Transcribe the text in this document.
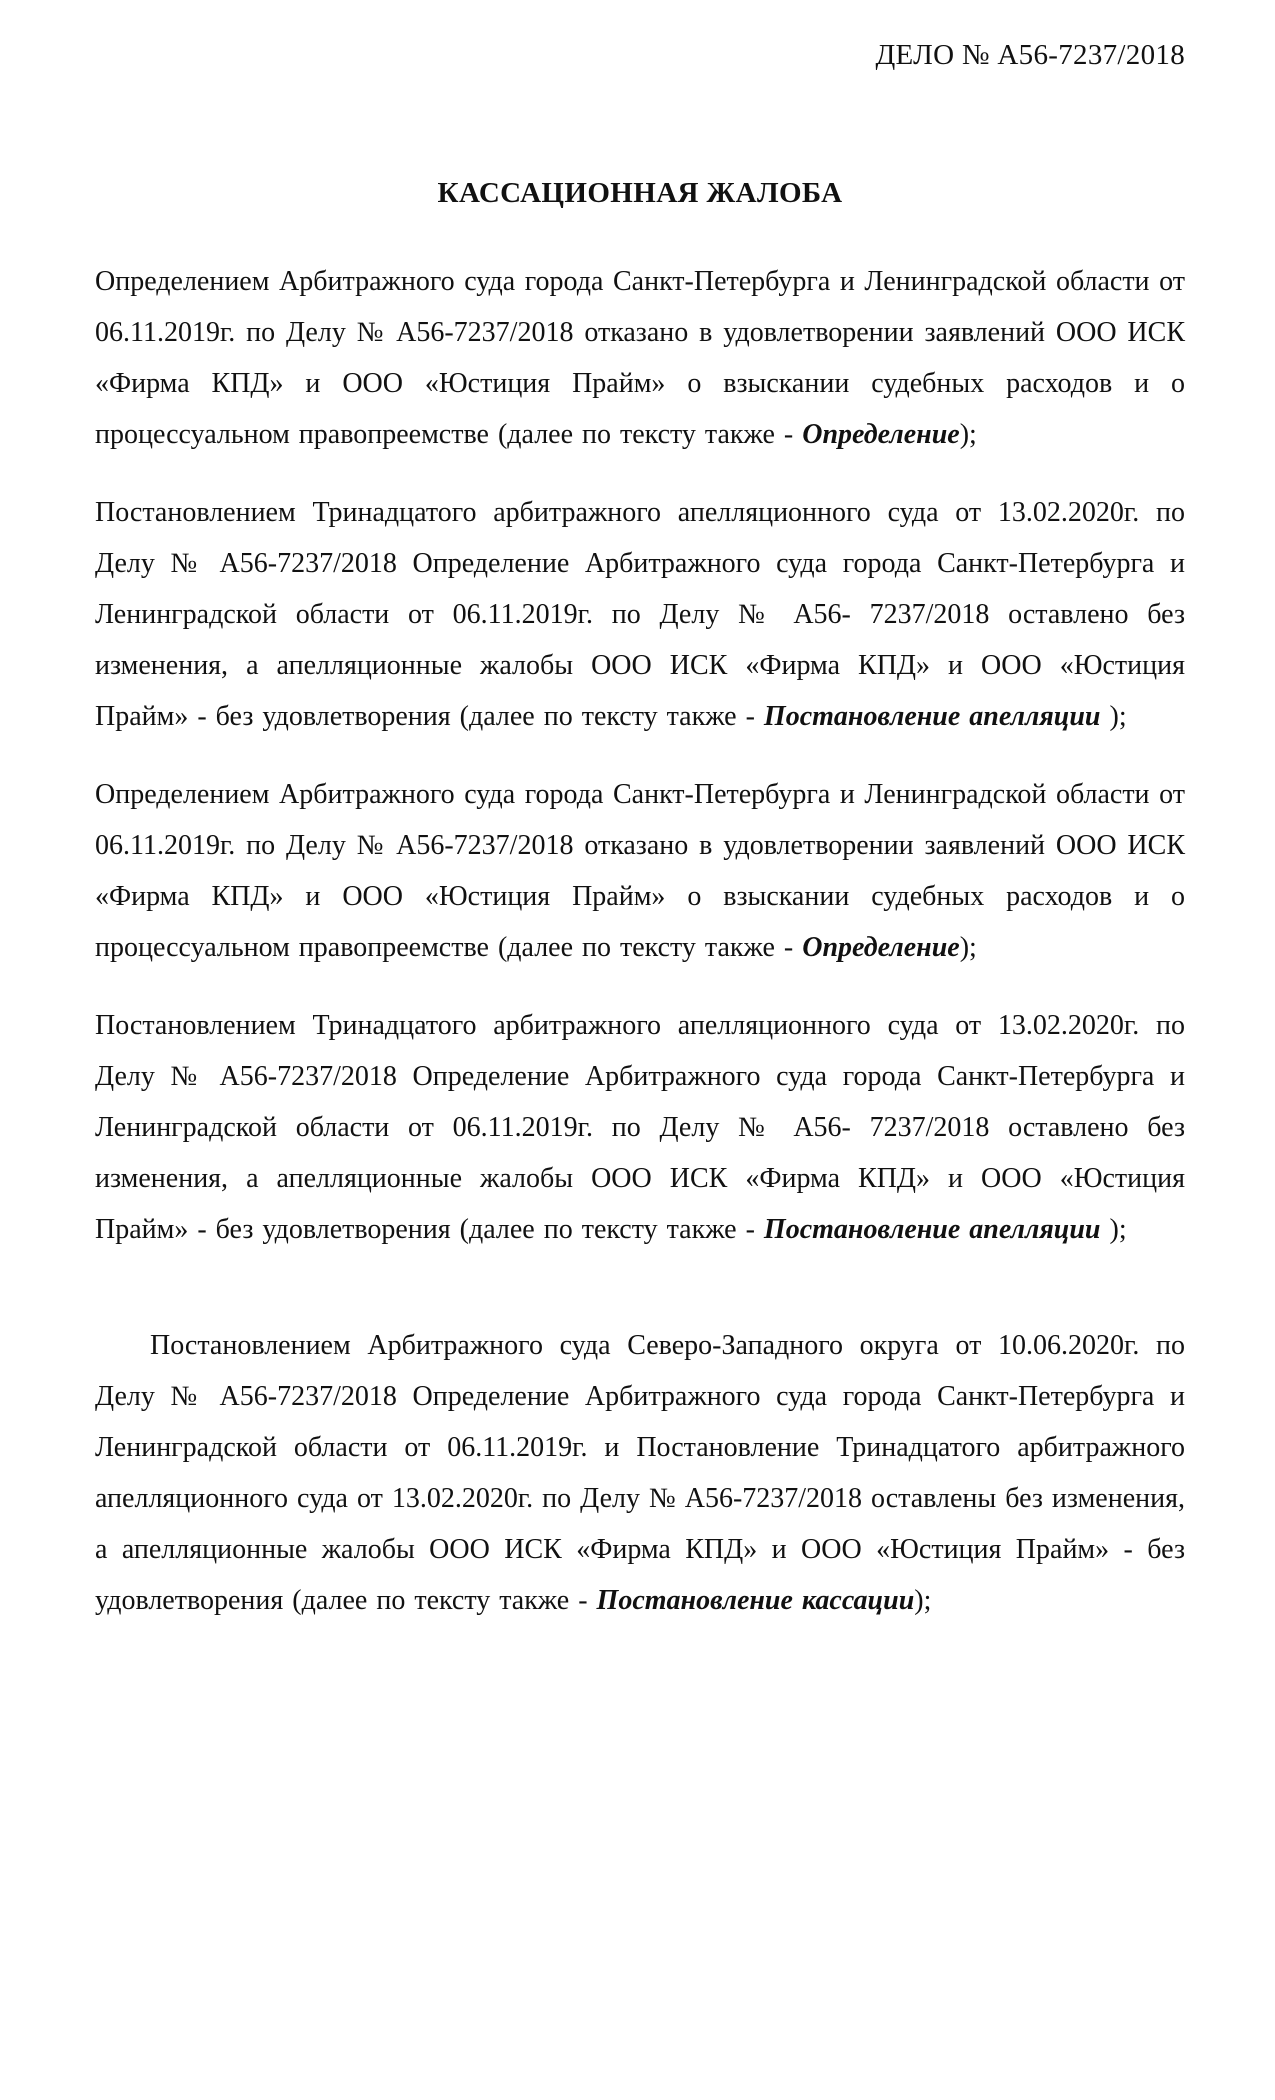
ДЕЛО № А56-7237/2018
КАССАЦИОННАЯ ЖАЛОБА

Определением Арбитражного суда города Санкт-Петербурга и Ленинградской области от 06.11.2019г. по Делу № А56-7237/2018 отказано в удовлетворении заявлений ООО ИСК «Фирма КПД» и ООО «Юстиция Прайм» о взыскании судебных расходов и о процессуальном правопреемстве (далее по тексту также - Определение);

Постановлением Тринадцатого арбитражного апелляционного суда от 13.02.2020г. по Делу № А56-7237/2018 Определение Арбитражного суда города Санкт-Петербурга и Ленинградской области от 06.11.2019г. по Делу № А56- 7237/2018 оставлено без изменения, а апелляционные жалобы ООО ИСК «Фирма КПД» и ООО «Юстиция Прайм» - без удовлетворения (далее по тексту также - Постановление апелляции );

Определением Арбитражного суда города Санкт-Петербурга и Ленинградской области от 06.11.2019г. по Делу № А56-7237/2018 отказано в удовлетворении заявлений ООО ИСК «Фирма КПД» и ООО «Юстиция Прайм» о взыскании судебных расходов и о процессуальном правопреемстве (далее по тексту также - Определение);

Постановлением Тринадцатого арбитражного апелляционного суда от 13.02.2020г. по Делу № А56-7237/2018 Определение Арбитражного суда города Санкт-Петербурга и Ленинградской области от 06.11.2019г. по Делу № А56- 7237/2018 оставлено без изменения, а апелляционные жалобы ООО ИСК «Фирма КПД» и ООО «Юстиция Прайм» - без удовлетворения (далее по тексту также - Постановление апелляции );

Постановлением Арбитражного суда Северо-Западного округа от 10.06.2020г. по Делу № А56-7237/2018 Определение Арбитражного суда города Санкт-Петербурга и Ленинградской области от 06.11.2019г. и Постановление Тринадцатого арбитражного апелляционного суда от 13.02.2020г. по Делу № А56-7237/2018 оставлены без изменения, а апелляционные жалобы ООО ИСК «Фирма КПД» и ООО «Юстиция Прайм» - без удовлетворения (далее по тексту также - Постановление кассации);
